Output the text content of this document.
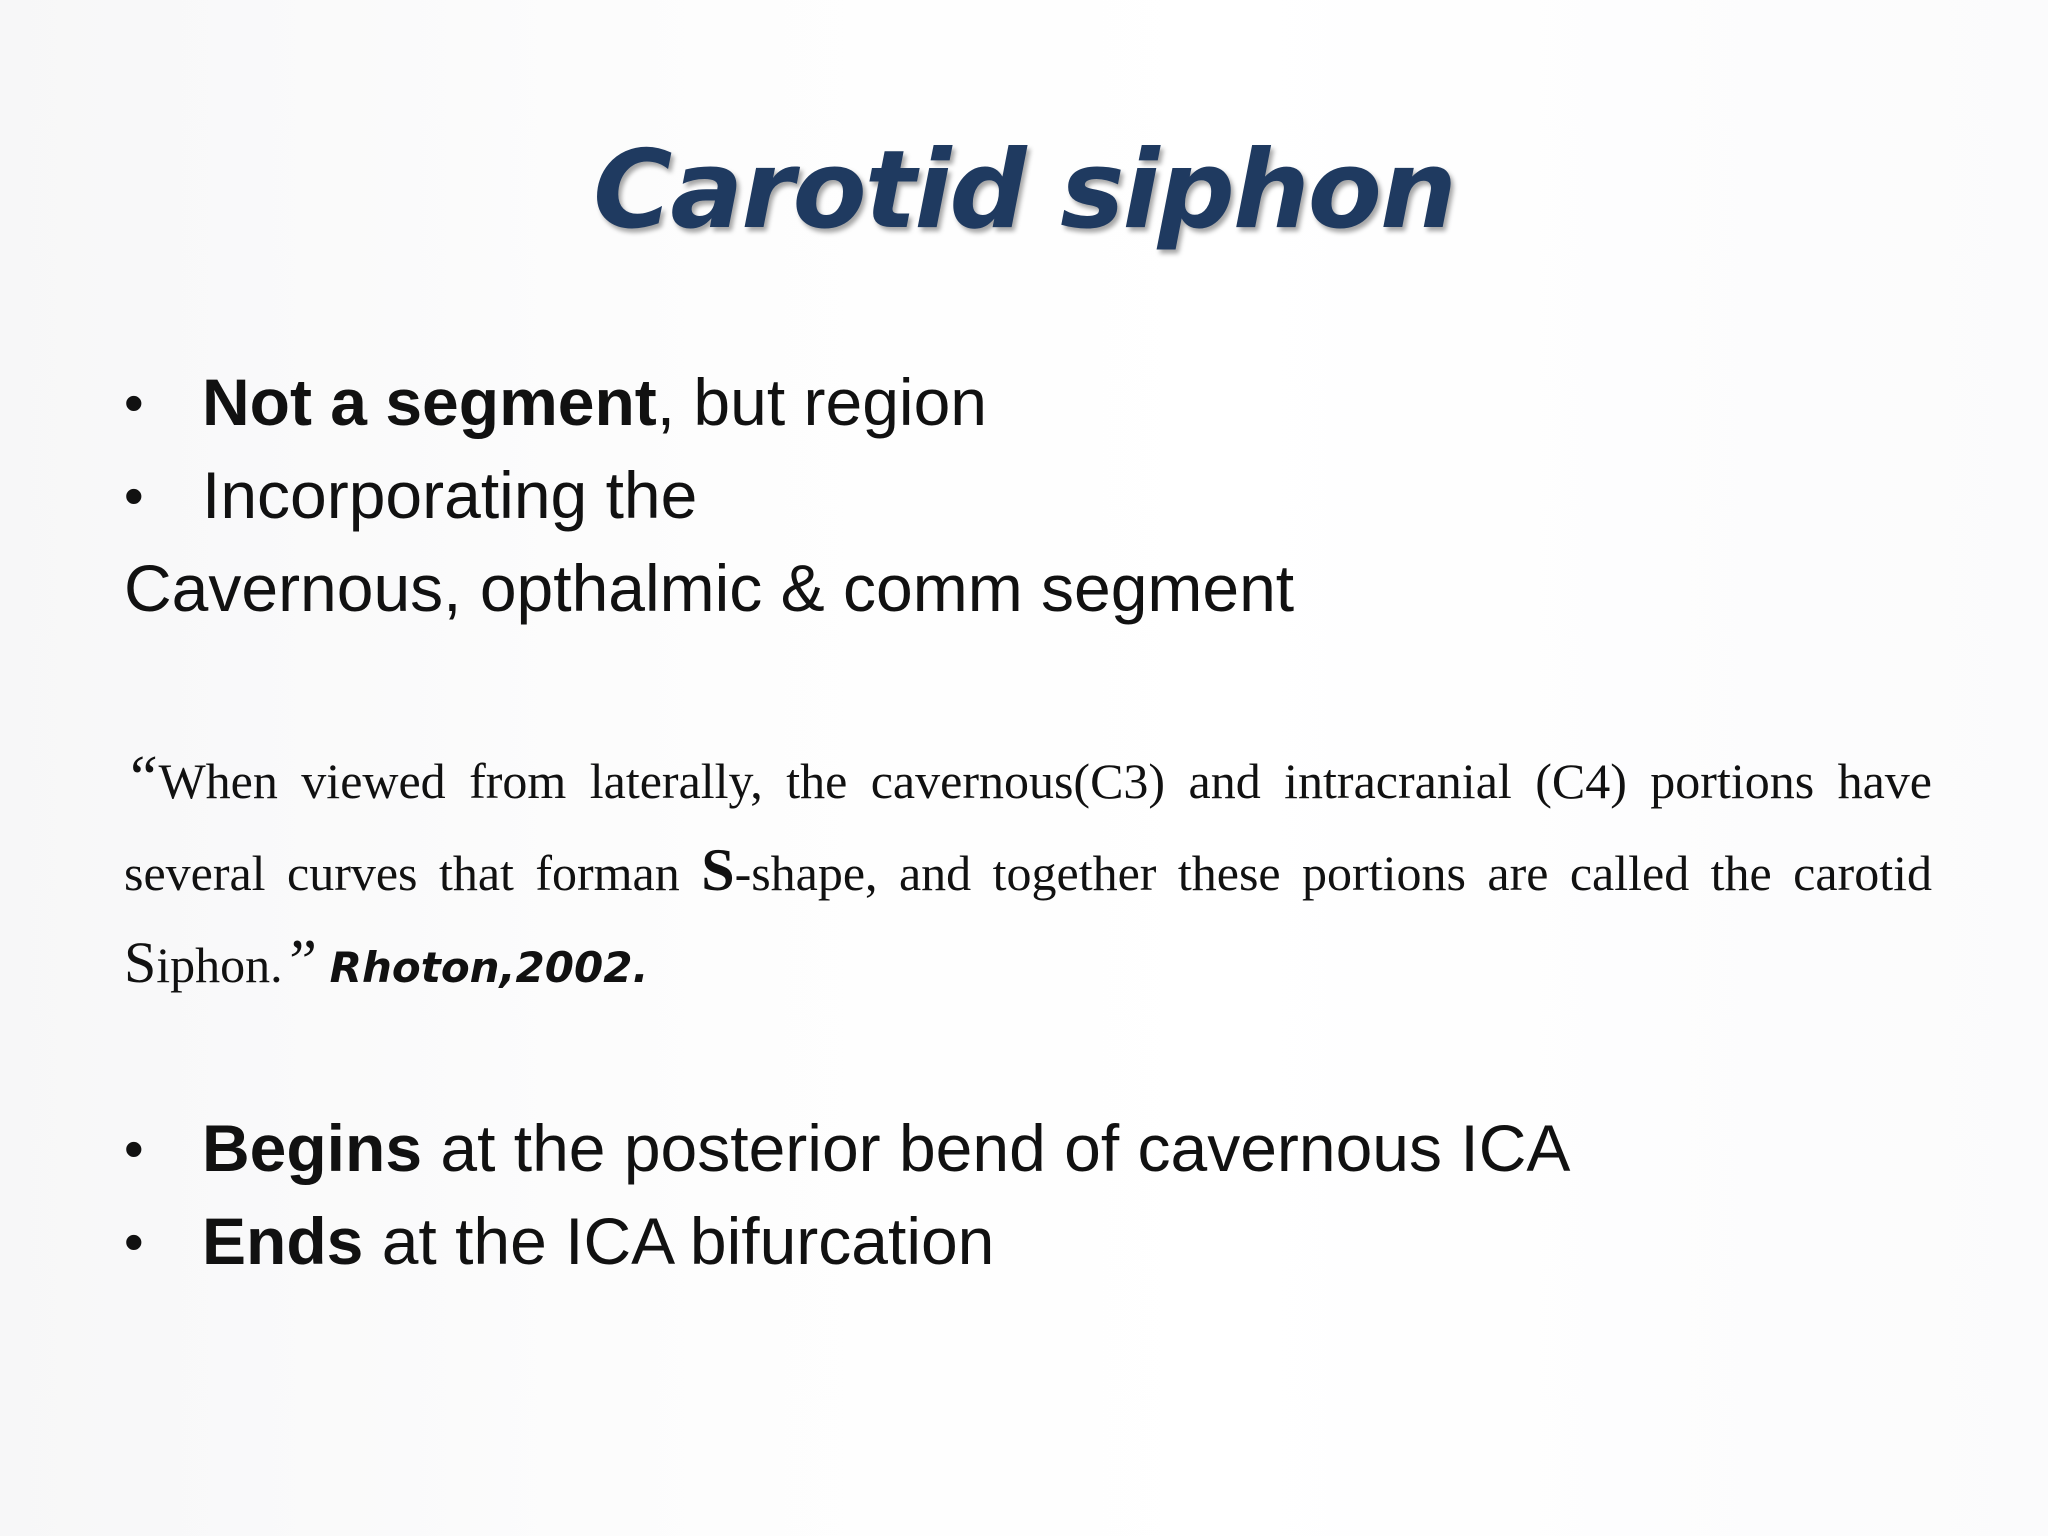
Carotid siphon
• Not a segment, but region
• Incorporating the
Cavernous, opthalmic & comm segment

“When viewed from laterally, the cavernous(C3) and intracranial (C4) portions have several curves that forman S-shape, and together these portions are called the carotid Siphon.” Rhoton,2002.

• Begins at the posterior bend of cavernous ICA
• Ends at the ICA bifurcation
